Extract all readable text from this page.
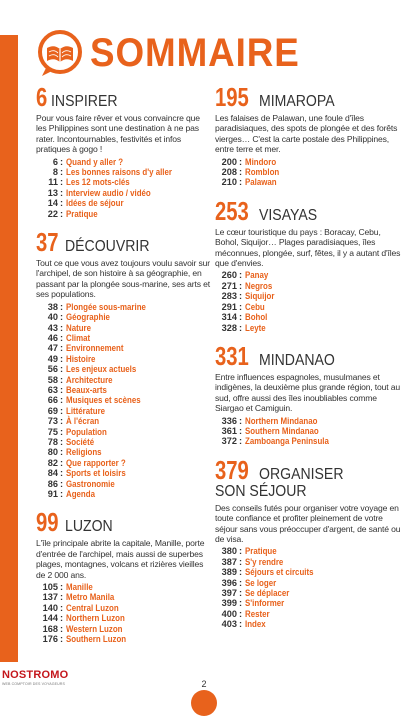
SOMMAIRE
6
INSPIRER
Pour vous faire rêver et vous convaincre que les Philippines sont une destination à ne pas rater. Incontournables, festivités et infos pratiques à gogo !
6 : Quand y aller ?
8 : Les bonnes raisons d'y aller
11 : Les 12 mots-clés
13 : Interview audio / vidéo
14 : Idées de séjour
22 : Pratique
37
DÉCOUVRIR
Tout ce que vous avez toujours voulu savoir sur l'archipel, de son histoire à sa géographie, en passant par la plongée sous-marine, ses arts et ses populations.
38 : Plongée sous-marine
40 : Géographie
43 : Nature
46 : Climat
47 : Environnement
49 : Histoire
56 : Les enjeux actuels
58 : Architecture
63 : Beaux-arts
66 : Musiques et scènes
69 : Littérature
73 : À l'écran
75 : Population
78 : Société
80 : Religions
82 : Que rapporter ?
84 : Sports et loisirs
86 : Gastronomie
91 : Agenda
99
LUZON
L'île principale abrite la capitale, Manille, porte d'entrée de l'archipel, mais aussi de superbes plages, montagnes, volcans et rizières vieilles de 2 000 ans.
105 : Manille
137 : Metro Manila
140 : Central Luzon
144 : Northern Luzon
168 : Western Luzon
176 : Southern Luzon
195
MIMAROPA
Les falaises de Palawan, une foule d'îles paradisiaques, des spots de plongée et des forêts vierges… C'est la carte postale des Philippines, entre terre et mer.
200 : Mindoro
208 : Romblon
210 : Palawan
253
VISAYAS
Le cœur touristique du pays : Boracay, Cebu, Bohol, Siquijor… Plages paradisiaques, îles méconnues, plongée, surf, fêtes, il y a autant d'îles que d'envies.
260 : Panay
271 : Negros
283 : Siquijor
291 : Cebu
314 : Bohol
328 : Leyte
331
MINDANAO
Entre influences espagnoles, musulmanes et indigènes, la deuxième plus grande région, tout au sud, offre aussi des îles inoubliables comme Siargao et Camiguin.
336 : Northern Mindanao
361 : Southern Mindanao
372 : Zamboanga Peninsula
379
ORGANISER
SON SÉJOUR
Des conseils futés pour organiser votre voyage en toute confiance et profiter pleinement de votre séjour sans vous préoccuper d'argent, de santé ou de visa.
380 : Pratique
387 : S'y rendre
389 : Séjours et circuits
396 : Se loger
397 : Se déplacer
399 : S'informer
400 : Rester
403 : Index
2
NOSTROMO
WEB COMPTOIR DES VOYAGEURS
